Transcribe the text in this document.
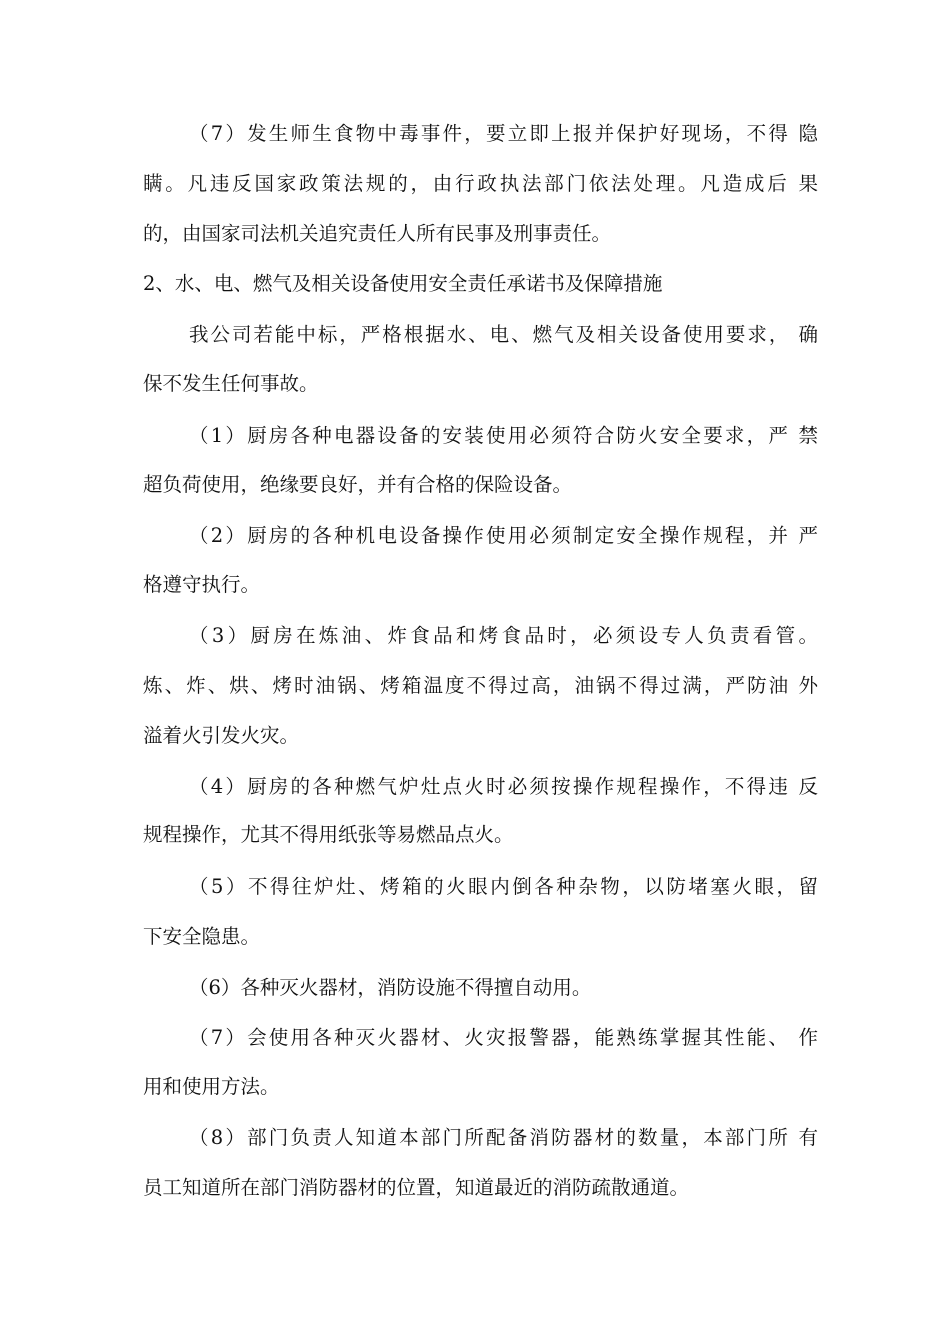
（7）发生师生食物中毒事件，要立即上报并保护好现场，不得 隐
瞒。凡违反国家政策法规的，由行政执法部门依法处理。凡造成后 果
的，由国家司法机关追究责任人所有民事及刑事责任。
2、水、电、燃气及相关设备使用安全责任承诺书及保障措施
我公司若能中标，严格根据水、电、燃气及相关设备使用要求， 确
保不发生任何事故。
（1）厨房各种电器设备的安装使用必须符合防火安全要求，严 禁
超负荷使用，绝缘要良好，并有合格的保险设备。
（2）厨房的各种机电设备操作使用必须制定安全操作规程，并 严
格遵守执行。
（3）厨房在炼油、炸食品和烤食品时，必须设专人负责看管。
炼、炸、烘、烤时油锅、烤箱温度不得过高，油锅不得过满，严防油 外
溢着火引发火灾。
（4）厨房的各种燃气炉灶点火时必须按操作规程操作，不得违 反
规程操作，尤其不得用纸张等易燃品点火。
（5）不得往炉灶、烤箱的火眼内倒各种杂物，以防堵塞火眼，留
下安全隐患。
（6）各种灭火器材，消防设施不得擅自动用。
（7）会使用各种灭火器材、火灾报警器，能熟练掌握其性能、 作
用和使用方法。
（8）部门负责人知道本部门所配备消防器材的数量，本部门所 有
员工知道所在部门消防器材的位置，知道最近的消防疏散通道。
